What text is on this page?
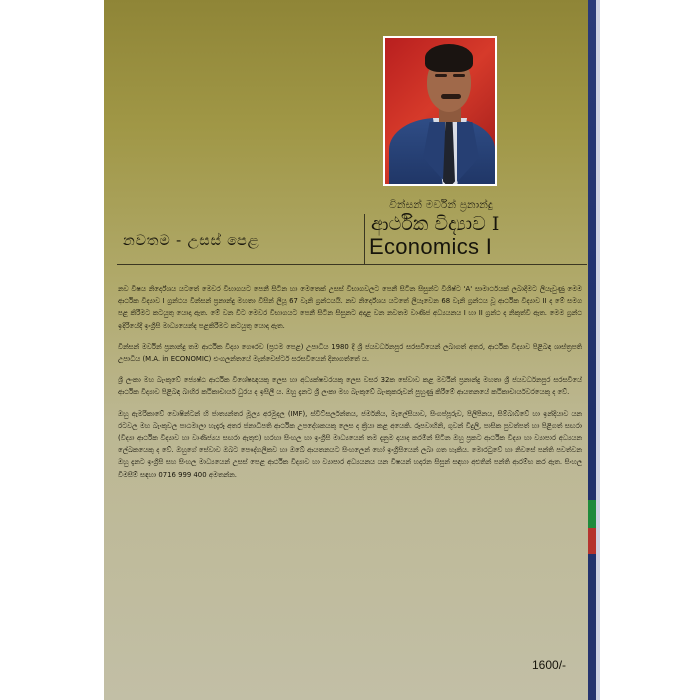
වින්සන් මර්වින් ප්‍රනාන්දු
ආර්ථික විද්‍යාව I
Economics I
නවතම - උසස් පෙළ

නව විෂය නිර්දේශය යටතේ මෙවර විභාගයට පෙනී සිටින හා මෙතෙක් උසස් විභාගවලට පෙනී සිටින සිසුන්ට විශිෂ්ට 'A' සාමාර්ථයක් ලබාදීමට ලියැවුණු මෙම ආර්ථික විද්‍යාව I ග්‍රන්ථය වින්සන් ප්‍රනාන්දු මහතා විසින් ලියූ 67 වැනි ග්‍රන්ථයයි. නව නිර්දේශය යටතේ ලියැවෙන 68 වැනි ග්‍රන්ථය වූ ආර්ථික විද්‍යාව II ද මේ සමග පළ කිරීමට කටයුතු යොදා ඇත. මේ වන විට මෙවර විභාගයට පෙනී සිටින සිසුනට අදාළ වන නවතම වාණිජ අධ්‍යයනය I හා II ග්‍රන්ථ ද නිකුත්වී ඇත. මෙම ග්‍රන්ථ ඉදිරියේදී ඉංග්‍රීසි මාධ්‍යයෙන්ද පළකිරීමට කටයුතු යොදා ඇත.

වින්සන් මර්වින් ප්‍රනාන්දු තම ආර්ථික විද්‍යා ගෞරව (ප්‍රථම පෙළ) උපාධිය 1980 දී ශ්‍රී ජයවර්ධනපුර සරසවියෙන් ලබාගත් අතර, ආර්ථික විද්‍යාව පිළිබඳ ශාස්ත්‍රපති උපාධිය (M.A. in ECONOMIC) එංගලන්තයේ මැන්චෙස්ටර් සරසවියෙන් දිනාගත්තේ ය.

ශ්‍රී ලංකා මහ බැංකුවේ ජ්‍යෙෂ්ඨ ආර්ථික විශේෂඥයකු ලෙස හා අධ්‍යක්ෂවරයකු ලෙස වසර 32ක සේවාව කළ මර්වින් ප්‍රනාන්දු මහතා ශ්‍රී ජයවර්ධනපුර සරසවියේ ආර්ථික විද්‍යාව පිළිබඳ බාහිර කථිකාචාර්ය ධුරය ද ඉසිලී ය. ඔහු දැනට ශ්‍රී ලංකා මහ බැංකුවේ බැංකුකරුවන් පුහුණු කිරීමේ ආයතනයේ කථිකාචාර්යවරයෙකු ද වේ.

ඔහු ඇමරිකාවේ වොෂින්ටන් හි ජාත්‍යන්තර මූල්‍ය අරමුදල (IMF), ස්විට්සර්ලන්තය, ජර්මනිය, මැලේසියාව, සිංගප්පූරුව, පිලිපීනය, සිම්බාබ්වේ හා ඉන්දියාව යන රටවල මහ බැංකුවල පාඨමාලා හැදෑරූ අතර ජනාධිපති ආර්ථික උපදේශකයකු ලෙස ද ක්‍රියා කළ අයෙකි. රූපවාහිනි, ගුවන් විදුලි, පාසික පුවත්පත් හා පිළිගත් සඟරා (විද්‍යා ආර්ථික විද්‍යාව හා වාණිජ්‍යය සඟරා ඇතුළු) හරහා සිංහල හා ඉංග්‍රීසි මාධ්‍යයෙන් තම දැනුම දායාද කරමින් සිටින ඔහු ප්‍රකට ආර්ථික විද්‍යා හා ව්‍යාපාර අධ්‍යයන ලේඛකයෙකු ද වේ. ඔහුගේ සේවාව ඔබට පෞද්ගලිකව හා ඔබේ ආයතනයට සිංහලෙන් හෝ ඉංග්‍රීසියෙන් ලබා ගත හැකිය. මොරටුවේ හා නිවසේ පන්ති පවත්වන ඔහු දැනට ඉංග්‍රීසි සහ සිංහල මාධ්‍යයෙන් උසස් පෙළ ආර්ථික විද්‍යාව හා ව්‍යාපාර අධ්‍යයනය යන විෂයන් හදාරන සිසුන් සඳහා අළුතින් පන්ති ආරම්භ කර ඇත. සිංහල විමසීම් සඳහා 0716 999 400 අමතන්න.

1600/-
